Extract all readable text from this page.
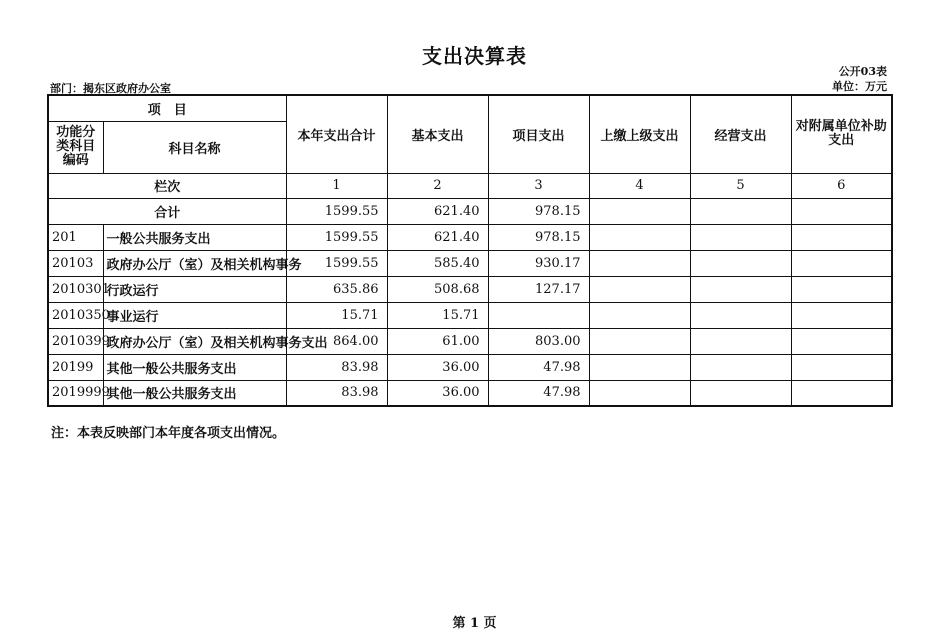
支出决算表
公开03表
单位：万元
部门：揭东区政府办公室
项　目		本年支出合计	基本支出	项目支出	上缴上级支出	经营支出	对附属单位补助支出
功能分类科目编码	科目名称						
栏次		1	2	3	4	5	6
合计		1599.55	621.40	978.15			
201	一般公共服务支出	1599.55	621.40	978.15			
20103	政府办公厅（室）及相关机构事务	1599.55	585.40	930.17			
2010301	行政运行	635.86	508.68	127.17			
2010350	事业运行	15.71	15.71				
2010399	政府办公厅（室）及相关机构事务支出	864.00	61.00	803.00			
20199	其他一般公共服务支出	83.98	36.00	47.98			
2019999	其他一般公共服务支出	83.98	36.00	47.98			
注：本表反映部门本年度各项支出情况。
第 1 页
